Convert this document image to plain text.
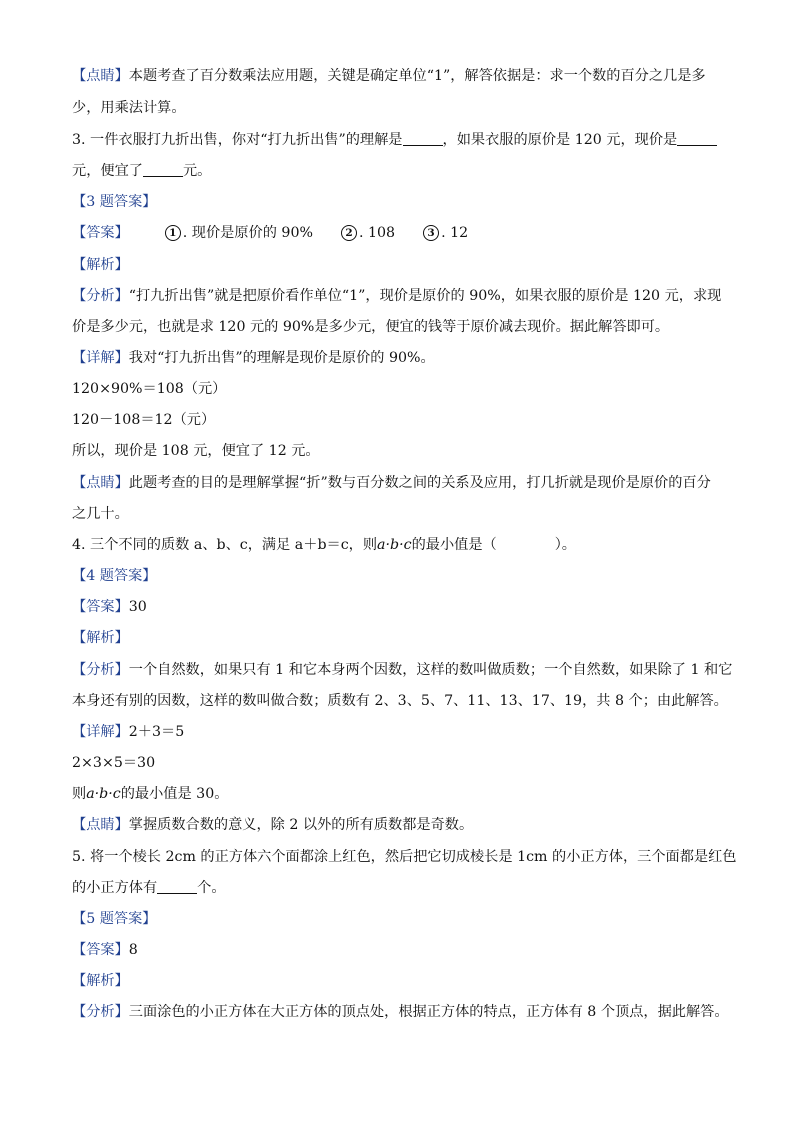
【点睛】本题考查了百分数乘法应用题，关键是确定单位“1”，解答依据是：求一个数的百分之几是多
少，用乘法计算。
3. 一件衣服打九折出售，你对“打九折出售”的理解是	，如果衣服的原价是 120 元，现价是
元，便宜了	元。
【3 题答案】
【答案】	1 . 现价是原价的 90%	2 . 108	3 . 12
【解析】
【分析】“打九折出售”就是把原价看作单位“1”，现价是原价的 90%，如果衣服的原价是 120 元，求现
价是多少元，也就是求 120 元的 90%是多少元，便宜的钱等于原价减去现价。据此解答即可。
【详解】我对“打九折出售”的理解是现价是原价的 90%。
120×90%＝108（元）
120－108＝12（元）
所以，现价是 108 元，便宜了 12 元。
【点睛】此题考查的目的是理解掌握“折”数与百分数之间的关系及应用，打几折就是现价是原价的百分
之几十。
4. 三个不同的质数 a、b、c，满足 a＋b＝c，则a·b·c的最小值是（	）。
【4 题答案】
【答案】30
【解析】
【分析】一个自然数，如果只有 1 和它本身两个因数，这样的数叫做质数；一个自然数，如果除了 1 和它
本身还有别的因数，这样的数叫做合数；质数有 2、3、5、7、11、13、17、19，共 8 个；由此解答。
【详解】2＋3＝5
2×3×5＝30
则a·b·c的最小值是 30。
【点睛】掌握质数合数的意义，除 2 以外的所有质数都是奇数。
5. 将一个棱长 2cm 的正方体六个面都涂上红色，然后把它切成棱长是 1cm 的小正方体，三个面都是红色
的小正方体有	个。
【5 题答案】
【答案】8
【解析】
【分析】三面涂色的小正方体在大正方体的顶点处，根据正方体的特点，正方体有 8 个顶点，据此解答。
